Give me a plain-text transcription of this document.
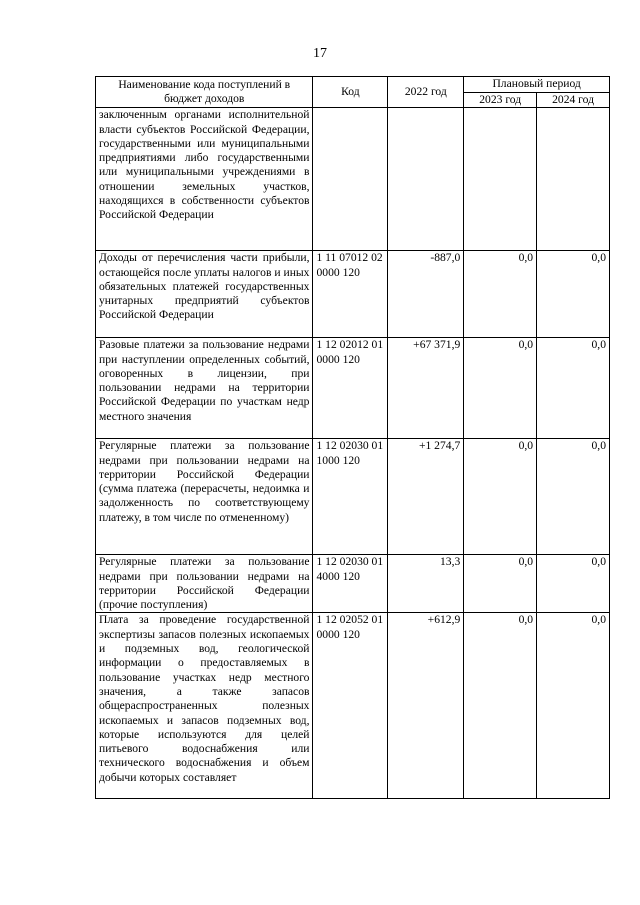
17
Наименование кода поступлений в бюджет доходов	Код	2022 год	Плановый период	
			2023 год	2024 год
заключенным органами исполнительной власти субъектов Российской Федерации, государственными или муниципальными предприятиями либо государственными или муниципальными учреждениями в отношении земельных участков, находящихся в собственности субъектов Российской Федерации				
Доходы от перечисления части прибыли, остающейся после уплаты налогов и иных обязательных платежей государственных унитарных предприятий субъектов Российской Федерации	1 11 07012 02 0000 120	-887,0	0,0	0,0
Разовые платежи за пользование недрами при наступлении определенных событий, оговоренных в лицензии, при пользовании недрами на территории Российской Федерации по участкам недр местного значения	1 12 02012 01 0000 120	+67 371,9	0,0	0,0
Регулярные платежи за пользование недрами при пользовании недрами на территории Российской Федерации (сумма платежа (перерасчеты, недоимка и задолженность по соответствующему платежу, в том числе по отмененному)	1 12 02030 01 1000 120	+1 274,7	0,0	0,0
Регулярные платежи за пользование недрами при пользовании недрами на территории Российской Федерации (прочие поступления)	1 12 02030 01 4000 120	13,3	0,0	0,0
Плата за проведение государственной экспертизы запасов полезных ископаемых и подземных вод, геологической информации о предоставляемых в пользование участках недр местного значения, а также запасов общераспространенных полезных ископаемых и запасов подземных вод, которые используются для целей питьевого водоснабжения или технического водоснабжения и объем добычи которых составляет	1 12 02052 01 0000 120	+612,9	0,0	0,0
